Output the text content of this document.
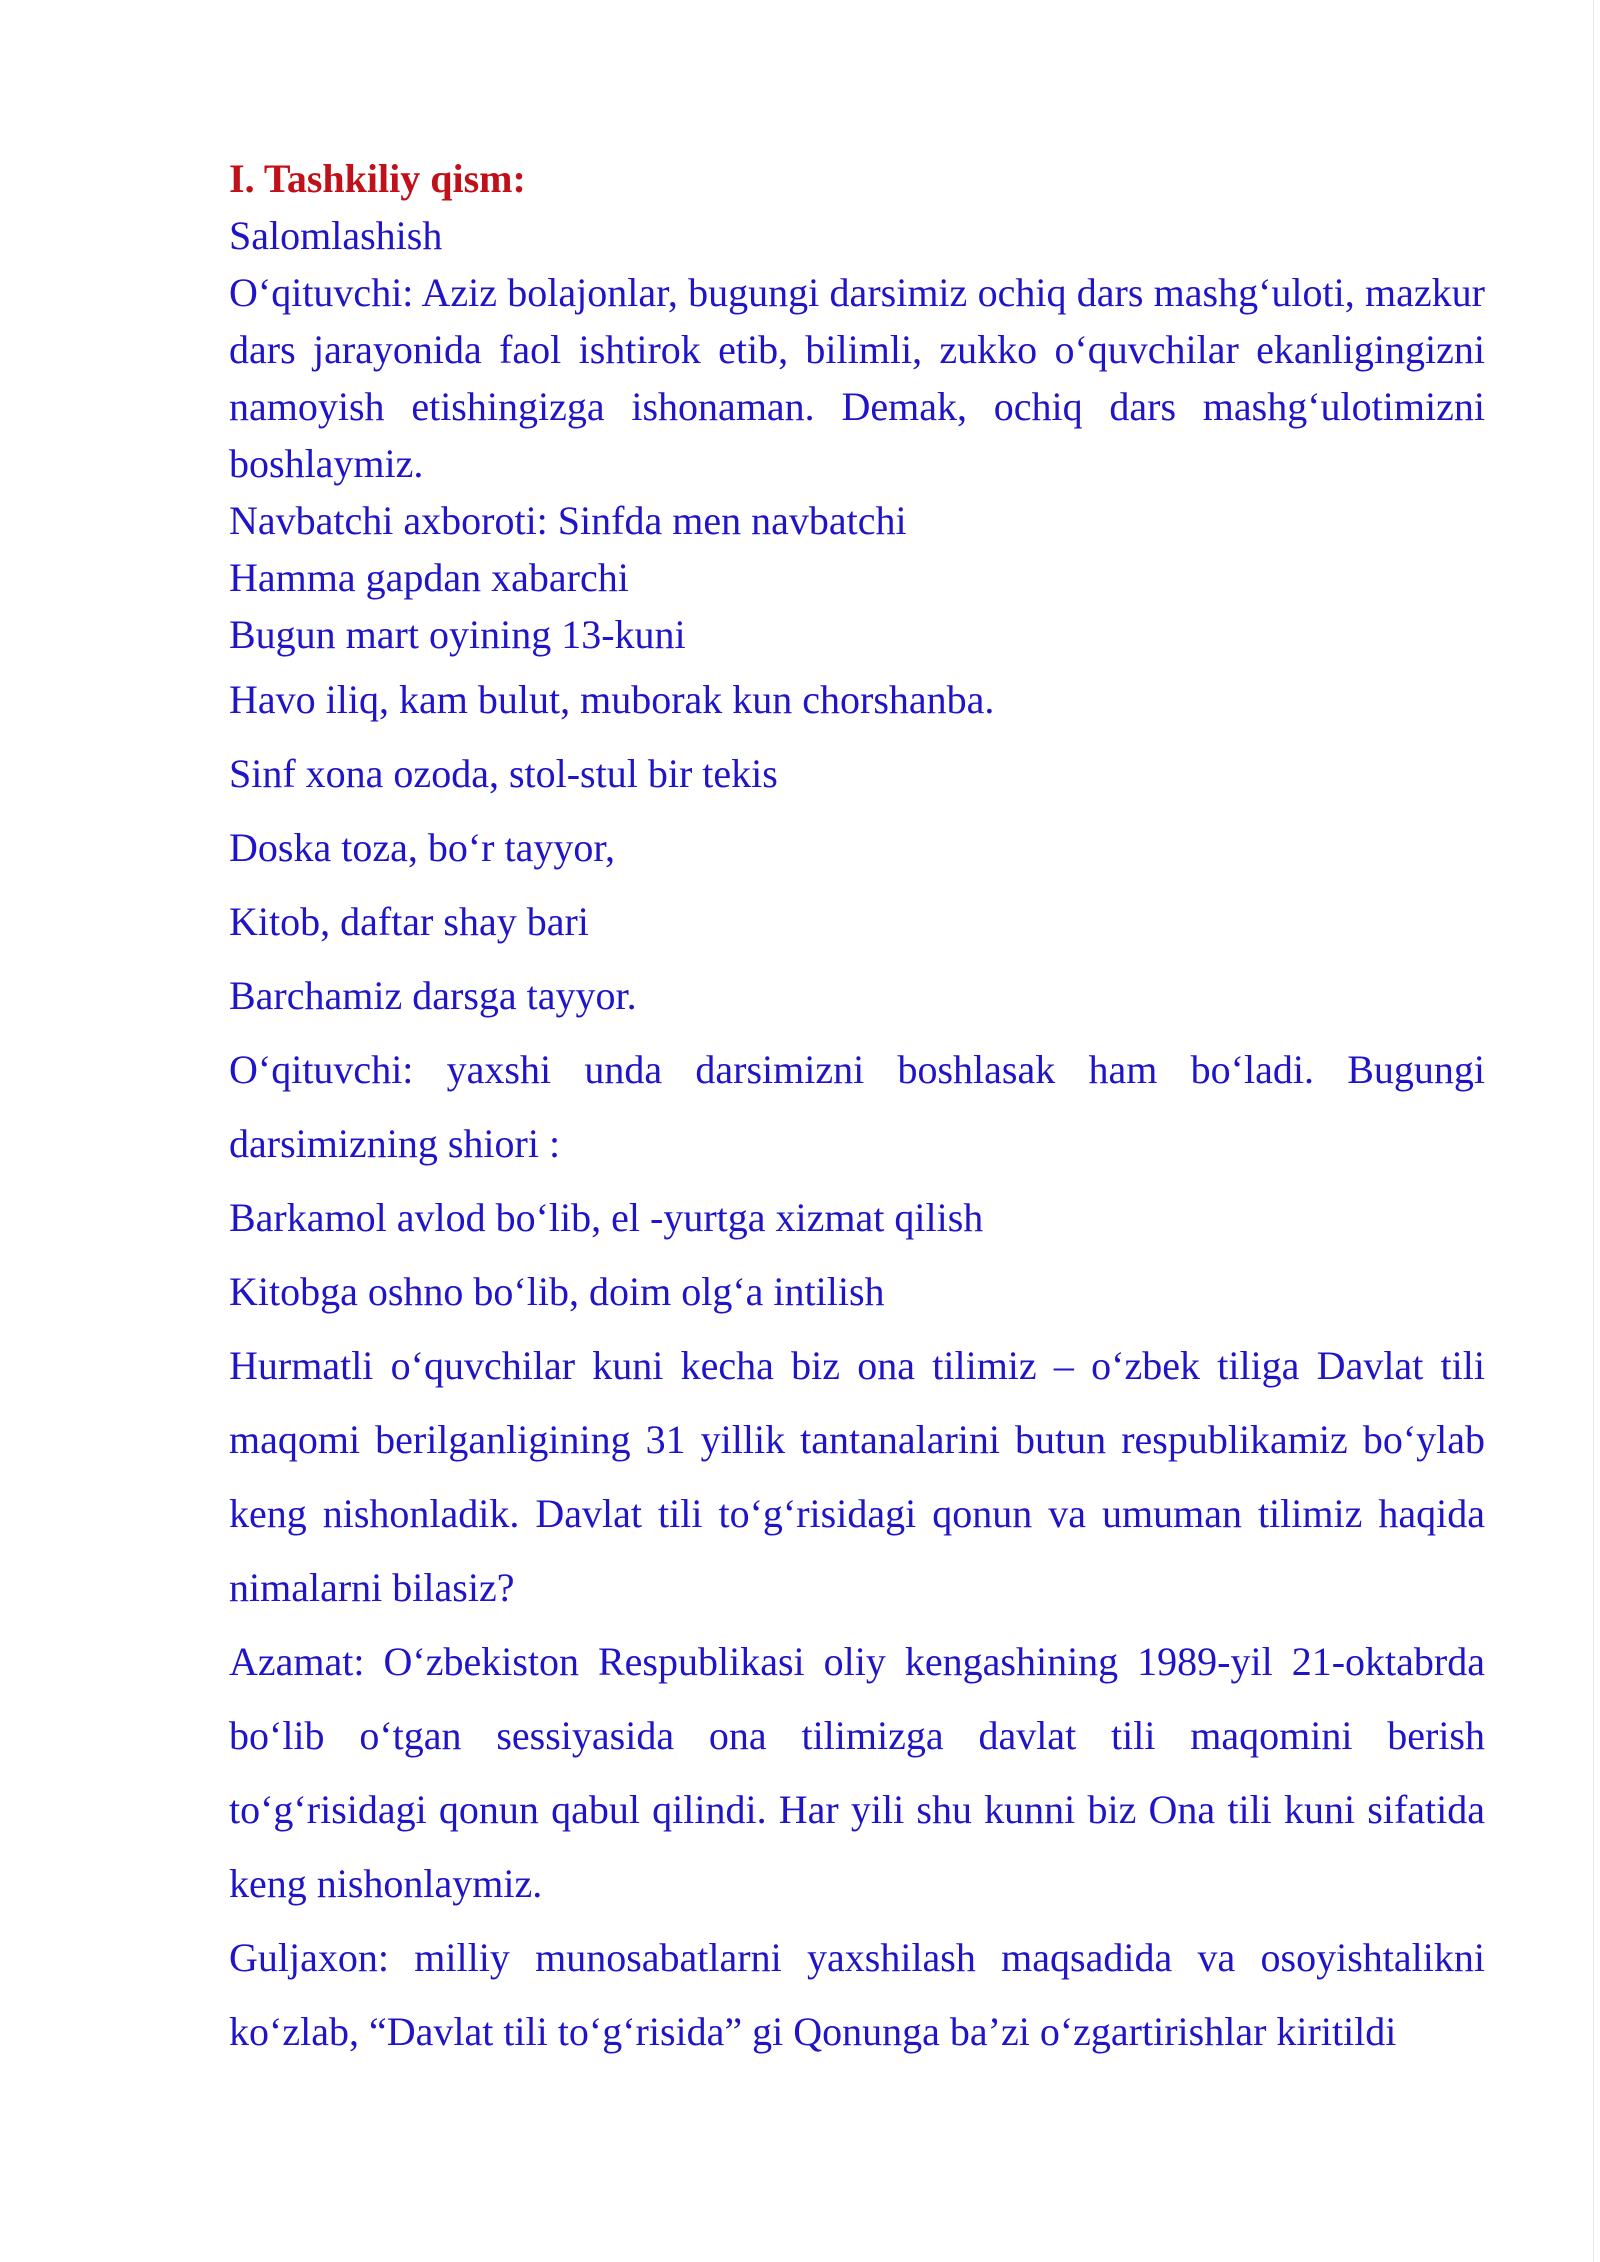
I. Tashkiliy qism:

Salomlashish

O‘qituvchi: Aziz bolajonlar, bugungi darsimiz ochiq dars mashg‘uloti, mazkur dars jarayonida faol ishtirok etib, bilimli, zukko o‘quvchilar ekanligingizni namoyish etishingizga ishonaman. Demak, ochiq dars mashg‘ulotimizni boshlaymiz.

Navbatchi axboroti: Sinfda men navbatchi

Hamma gapdan xabarchi

Bugun mart oyining 13-kuni

Havo iliq, kam bulut, muborak kun chorshanba.

Sinf xona ozoda, stol-stul bir tekis

Doska toza, bo‘r tayyor,

Kitob, daftar shay bari

Barchamiz darsga tayyor.

O‘qituvchi: yaxshi unda darsimizni boshlasak ham bo‘ladi. Bugungi darsimizning shiori :

Barkamol avlod bo‘lib, el -yurtga xizmat qilish

Kitobga oshno bo‘lib, doim olg‘a intilish

Hurmatli o‘quvchilar kuni kecha biz ona tilimiz – o‘zbek tiliga Davlat tili maqomi berilganligining 31 yillik tantanalarini butun respublikamiz bo‘ylab keng nishonladik. Davlat tili to‘g‘risidagi qonun va umuman tilimiz haqida nimalarni bilasiz?

Azamat: O‘zbekiston Respublikasi oliy kengashining 1989-yil 21-oktabrda bo‘lib o‘tgan sessiyasida ona tilimizga davlat tili maqomini berish to‘g‘risidagi qonun qabul qilindi. Har yili shu kunni biz Ona tili kuni sifatida keng nishonlaymiz.

Guljaxon: milliy munosabatlarni yaxshilash maqsadida va osoyishtalikni ko‘zlab, “Davlat tili to‘g‘risida” gi Qonunga ba’zi o‘zgartirishlar kiritildi
